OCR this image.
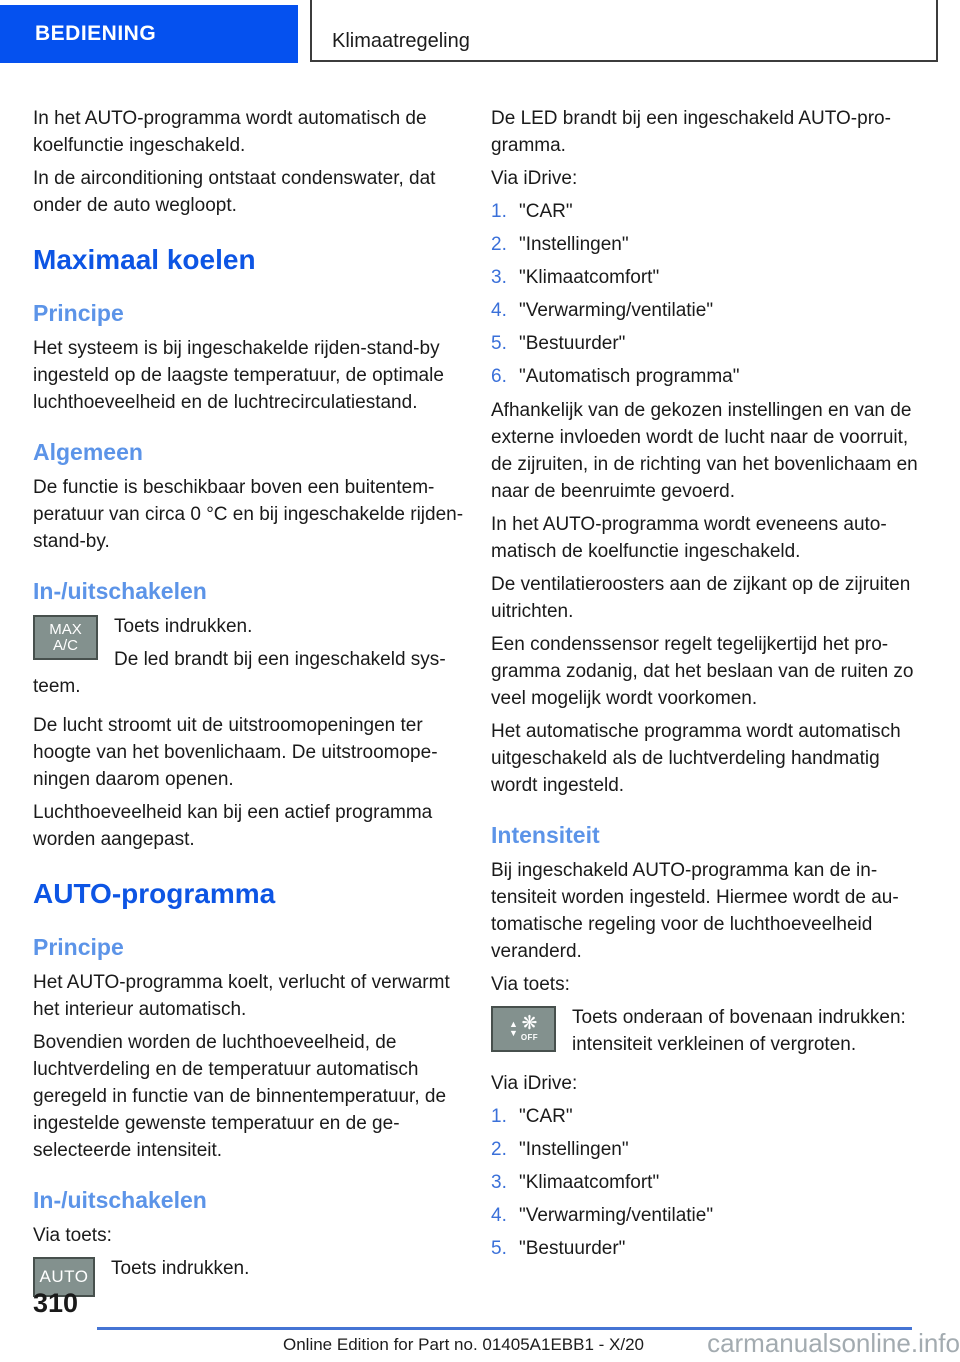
BEDIENING	Klimaatregeling

In het AUTO-programma wordt automatisch de koelfunctie ingeschakeld.

In de airconditioning ontstaat condenswater, dat onder de auto wegloopt.

Maximaal koelen
Principe

Het systeem is bij ingeschakelde rijden-stand-by ingesteld op de laagste temperatuur, de optimale luchthoeveelheid en de luchtrecirculatiestand.

Algemeen

De functie is beschikbaar boven een buitentemperatuur van circa 0 °C en bij ingeschakelde rijden-stand-by.

In-/uitschakelen
MAX
A/C

Toets indrukken.

De led brandt bij een ingeschakeld systeem.

De lucht stroomt uit de uitstroomopeningen ter hoogte van het bovenlichaam. De uitstroomopeningen daarom openen.

Luchthoeveelheid kan bij een actief programma worden aangepast.

AUTO-programma
Principe

Het AUTO-programma koelt, verlucht of verwarmt het interieur automatisch.

Bovendien worden de luchthoeveelheid, de luchtverdeling en de temperatuur automatisch geregeld in functie van de binnentemperatuur, de ingestelde gewenste temperatuur en de geselecteerde intensiteit.

In-/uitschakelen

Via toets:

AUTO	Toets indrukken.

De LED brandt bij een ingeschakeld AUTO-programma.

Via iDrive:

1. "CAR"
2. "Instellingen"
3. "Klimaatcomfort"
4. "Verwarming/ventilatie"
5. "Bestuurder"
6. "Automatisch programma"

Afhankelijk van de gekozen instellingen en van de externe invloeden wordt de lucht naar de voorruit, de zijruiten, in de richting van het bovenlichaam en naar de beenruimte gevoerd.

In het AUTO-programma wordt eveneens automatisch de koelfunctie ingeschakeld.

De ventilatieroosters aan de zijkant op de zijruiten uitrichten.

Een condenssensor regelt tegelijkertijd het programma zodanig, dat het beslaan van de ruiten zo veel mogelijk wordt voorkomen.

Het automatische programma wordt automatisch uitgeschakeld als de luchtverdeling handmatig wordt ingesteld.

Intensiteit

Bij ingeschakeld AUTO-programma kan de intensiteit worden ingesteld. Hiermee wordt de automatische regeling voor de luchthoeveelheid veranderd.

Via toets:

▲
▼ ❋
OFF

Toets onderaan of bovenaan indrukken: intensiteit verkleinen of vergroten.

Via iDrive:

1. "CAR"
2. "Instellingen"
3. "Klimaatcomfort"
4. "Verwarming/ventilatie"
5. "Bestuurder"
310
Online Edition for Part no. 01405A1EBB1 - X/20 carmanualsonline.info
